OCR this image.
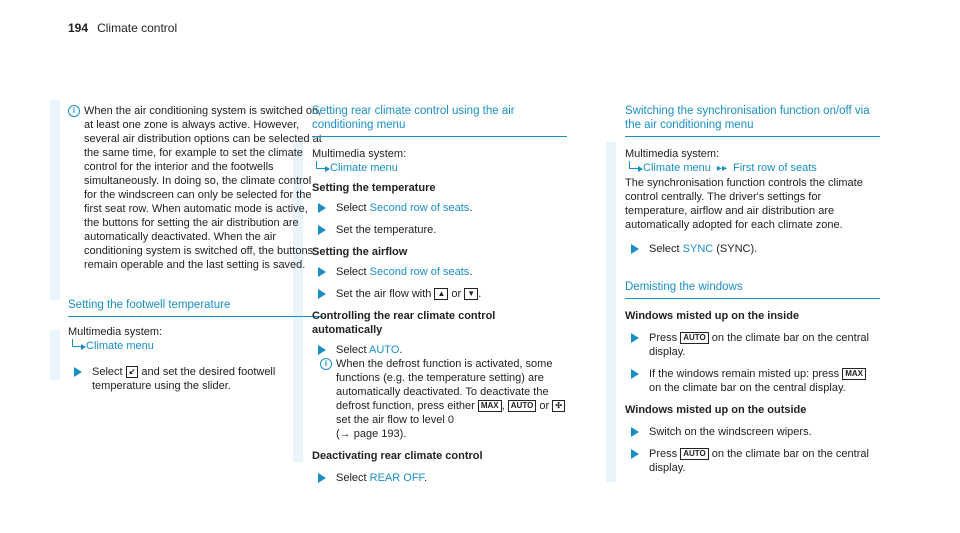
194 Climate control
i When the air conditioning system is switched on, at least one zone is always active. However, several air distribution options can be selected at the same time, for example to set the climate control for the interior and the footwells simultaneously. In doing so, the climate control for the windscreen can only be selected for the first seat row. When automatic mode is active, the buttons for setting the air distribution are automatically deactivated. When the air conditioning system is switched off, the buttons remain operable and the last setting is saved.
Setting the footwell temperature
Multimedia system:
Climate menu
Select ↙ and set the desired footwell temperature using the slider.
Setting rear climate control using the air conditioning menu
Multimedia system:
Climate menu
Setting the temperature
Select Second row of seats.
Set the temperature.
Setting the airflow
Select Second row of seats.
Set the air flow with ▲ or ▼ .
Controlling the rear climate control automatically
Select AUTO.
i When the defrost function is activated, some functions (e.g. the temperature setting) are automatically deactivated. To deactivate the defrost function, press either MAX , AUTO or ✣ set the air flow to level 0
(→ page 193).
Deactivating rear climate control
Select REAR OFF.
Switching the synchronisation function on/off via the air conditioning menu
Multimedia system:
Climate menu ▸▸ First row of seats
The synchronisation function controls the climate control centrally. The driver's settings for temperature, airflow and air distribution are automatically adopted for each climate zone.
Select SYNC (SYNC).
Demisting the windows
Windows misted up on the inside
Press AUTO on the climate bar on the central display.
If the windows remain misted up: press MAX on the climate bar on the central display.
Windows misted up on the outside
Switch on the windscreen wipers.
Press AUTO on the climate bar on the central display.
